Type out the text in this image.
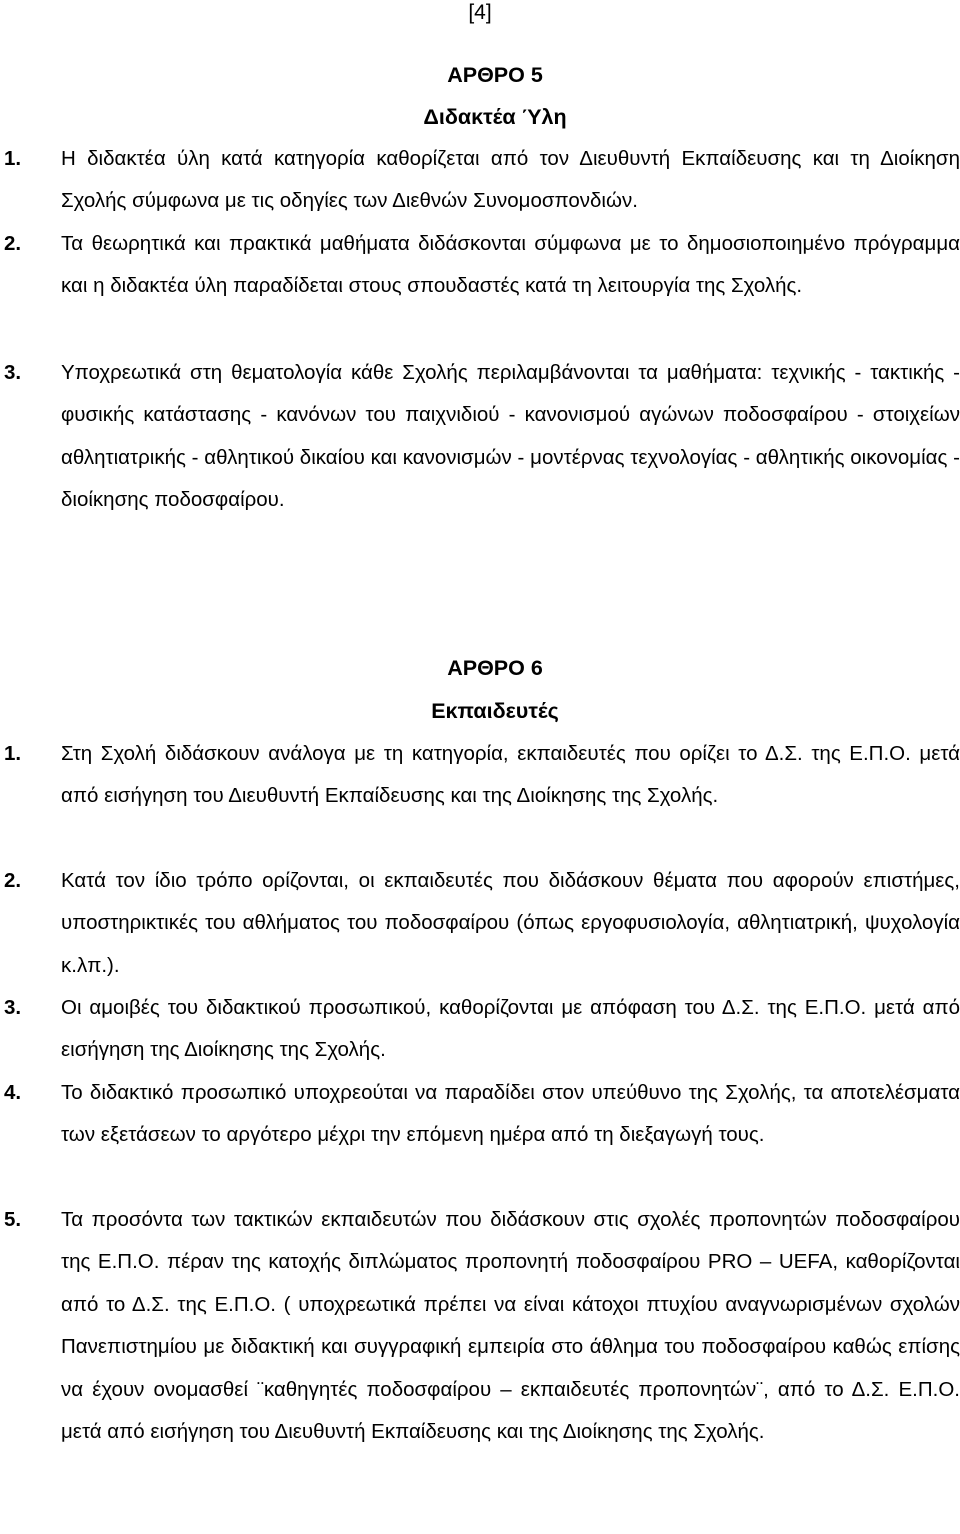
[4]
ΑΡΘΡΟ 5
Διδακτέα Ύλη
1. Η διδακτέα ύλη κατά κατηγορία καθορίζεται από τον Διευθυντή Εκπαίδευσης και τη Διοίκηση Σχολής σύμφωνα με τις οδηγίες των Διεθνών Συνομοσπονδιών.
2. Τα θεωρητικά και πρακτικά μαθήματα διδάσκονται σύμφωνα με το δημοσιοποιημένο πρόγραμμα και η διδακτέα ύλη παραδίδεται στους σπουδαστές κατά τη λειτουργία της Σχολής.
3. Υποχρεωτικά στη θεματολογία κάθε Σχολής περιλαμβάνονται τα μαθήματα: τεχνικής - τακτικής - φυσικής κατάστασης - κανόνων του παιχνιδιού - κανονισμού αγώνων ποδοσφαίρου - στοιχείων αθλητιατρικής - αθλητικού δικαίου και κανονισμών - μοντέρνας τεχνολογίας - αθλητικής οικονομίας - διοίκησης ποδοσφαίρου.
ΑΡΘΡΟ 6
Εκπαιδευτές
1. Στη Σχολή διδάσκουν ανάλογα με τη κατηγορία, εκπαιδευτές που ορίζει το Δ.Σ. της Ε.Π.Ο. μετά από εισήγηση του Διευθυντή Εκπαίδευσης και της Διοίκησης της Σχολής.
2. Κατά τον ίδιο τρόπο ορίζονται, οι εκπαιδευτές που διδάσκουν θέματα που αφορούν επιστήμες, υποστηρικτικές του αθλήματος του ποδοσφαίρου (όπως εργοφυσιολογία, αθλητιατρική, ψυχολογία κ.λπ.).
3. Οι αμοιβές του διδακτικού προσωπικού, καθορίζονται με απόφαση του Δ.Σ. της Ε.Π.Ο. μετά από εισήγηση της Διοίκησης της Σχολής.
4. Το διδακτικό προσωπικό υποχρεούται να παραδίδει στον υπεύθυνο της Σχολής, τα αποτελέσματα των εξετάσεων το αργότερο μέχρι την επόμενη ημέρα από τη διεξαγωγή τους.
5. Τα προσόντα των τακτικών εκπαιδευτών που διδάσκουν στις σχολές προπονητών ποδοσφαίρου της Ε.Π.Ο. πέραν της κατοχής διπλώματος προπονητή ποδοσφαίρου PRO – UEFA, καθορίζονται από το Δ.Σ. της Ε.Π.Ο. ( υποχρεωτικά πρέπει να είναι κάτοχοι πτυχίου αναγνωρισμένων σχολών Πανεπιστημίου με διδακτική και συγγραφική εμπειρία στο άθλημα του ποδοσφαίρου καθώς επίσης να έχουν ονομασθεί ¨καθηγητές ποδοσφαίρου – εκπαιδευτές προπονητών¨, από το Δ.Σ. Ε.Π.Ο. μετά από εισήγηση του Διευθυντή Εκπαίδευσης και της Διοίκησης της Σχολής.
